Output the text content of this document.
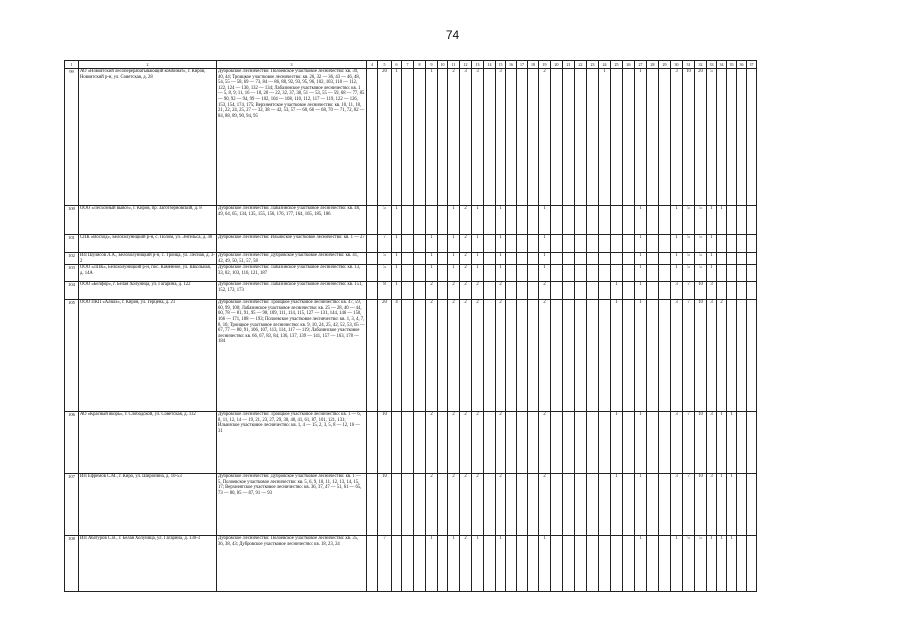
74
1	2	3	4	5	6	7	8	9	10	11	12	13	14	15	16	17	18	19	20	21	22	23	24	25	26	27	28	29	30	31	32	33	34	35	36	37	
99	АО «Новоятский лесоперерабатывающий комбинат», г. Киров, Новоятский р-н, ул. Советская, д. 28	Дубровское Лесничество: Полоевское участковое лесничество: кв. 39, 40, 44; Троицкое участковое лесничество: кв. 26, 32 — 36, 43 — 46, 48, 54, 55 — 58, 69 — 73, 84 — 86, 88, 92, 93, 95, 96, 102, 103, 110 — 112, 122, 124 — 130, 132 — 134; Лабазинское участковое лесничество: кв. 1 — 5, 8, 9, 11, 16 — 18, 20 — 22, 32, 37, 38, 51 — 53, 55 — 59, 68 — 77, 85 — 90, 92 — 94, 99 — 102, 104 — 108, 110, 112, 117 — 119, 122 — 126, 153, 154, 174, 175; Верхнеятское участковое лесничество: кв. 10, 11, 18, 21, 22, 24, 25, 27 — 32, 38 — 42, 53, 57 — 60, 66 — 68, 70 — 71, 72, 82 — 84, 88, 89, 90, 94, 95		20	1			1		2	3	3		3				2					1			1			3	10	20	5						
100	ООО «Лесхозный вывоз», г. Киров, пр. Заготзерновский, д. 8	Дубровское Лесничество: Лабазинское участковое лесничество: кв. 48, 49, 64, 65, 134, 135, 155, 156, 176, 177, 164, 165, 185, 186		5	1					1	2	1		1				1								1			1	5	5	1	1					
101	СПК «Восход», Белохолуницкий р-н, с. Полом, ул. Энгельса, д. 40	Дубровское Лесничество: Ильинское участковое лесничество: кв. 1 — 27		7	1			1		1	2	1		1				1								1			1	5	5	1						
102	ИП Шулясов Л.А., Белохолуницкий р-н, с. Троица, ул. Лесная, д. 3-2	Дубровское Лесничество: Дубровское участковое лесничество: кв. 41, 42, 49, 50, 51, 57, 58		5	1			1		1	2	1		1				1								1			1	5	5	1						
103	ООО «ЛПК», Белохолуницкий р-н, пос. Каменное, ул. Школьная, д. 14А	Дубровское Лесничество: Лабазинское участковое лесничество: кв. 13, 33, 82, 103, 116, 121, 187		5	1			1		1	2	1		1				1								1			1	5	5	1						
104	ООО «Белфор», г. Белая Холуница, ул. Гагарина, д. 122	Дубровское Лесничество: Лабазинское участковое лесничество: кв. 151, 152, 172, 173		8	1			2		2	2	2		2				2						1		1			3	7	10	3						
105	ООО ПКП «Алмаз», г. Киров, ул. Герцена, д. 21	Дубровское Лесничество: Троицкое участковое лесничество: кв. 47, 59, 60, 99, 100; Лабазинское участковое лесничество: кв. 25 — 28, 40 — 44, 60, 78 — 81, 91, 95 — 98, 109, 111, 114, 115, 127 — 131, 144, 146 — 150, 166 — 171, 188 — 193; Полоевское участковое лесничество: кв. 1, 3, 4, 7, 8, 16; Троицкое участковое лесничество: кв. 9, 10, 24, 25, 42, 52, 53, 65 — 67, 77 — 80, 91, 106, 107, 113, 114, 117 — 119; Лабазинское участковое лесничество: кв. 66, 67, 83, 84, 136, 137, 139 — 141, 157 — 163, 178 — 184		20	4			2		2	2	2		2				2						1		1			3	7	10	3	2					
106	АО «Красный якорь», г. Слободской, ул. Советская, д. 132	Дубровское Лесничество: Троицкое участковое лесничество: кв. 1 — 6, 8, 11, 12, 14 — 19, 21, 23, 27, 29, 30, 40, 41, 61, 87, 101, 121, 131; Ильинское участковое лесничество: кв. 1, 4 — 15, 2, 3, 5, 8 — 12, 16 — 31		10				2		2	2	2		2				2						1		1			3	7	10	3	1	1				
107	ИП Ефремов С.М., г. Киро, ул. Широнина, д. 10-53	Дубровское Лесничество: Дубровское участковое лесничество: кв. 1 — 5, Полоевское участковое лесничество: кв. 5, 6, 9, 10, 11, 12, 13, 14, 15, 17; Верхнеятское участковое лесничество: кв. 36, 37, 47 — 51, 61 — 65, 73 — 80, 85 — 87, 91 — 93		10				2		2	2	2		2				2						1		1			3	7	10	3	1	1				
108	ИП Абатуров С.В., г. Белая Холуница, ул. Гагарина, д. 130-3	Дубровское Лесничество: Полоевское участковое лесничество: кв. 35, 36, 38, 43; Дубровское участковое лесничество: кв. 18, 23, 24		7				1		1	2	1		1				1								1			1	5	5	1	1	1				
